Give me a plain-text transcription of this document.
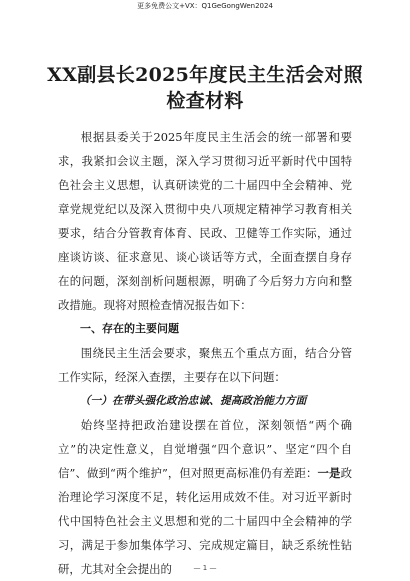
更多免费公文+VX：Q1GeGongWen2024
XX副县长2025年度民主生活会对照检查材料

根据县委关于2025年度民主生活会的统一部署和要求，我紧扣会议主题，深入学习贯彻习近平新时代中国特色社会主义思想，认真研读党的二十届四中全会精神、党章党规党纪以及深入贯彻中央八项规定精神学习教育相关要求，结合分管教育体育、民政、卫健等工作实际，通过座谈访谈、征求意见、谈心谈话等方式，全面查摆自身存在的问题，深刻剖析问题根源，明确了今后努力方向和整改措施。现将对照检查情况报告如下：

一、存在的主要问题

围绕民主生活会要求，聚焦五个重点方面，结合分管工作实际，经深入查摆，主要存在以下问题：

（一）在带头强化政治忠诚、提高政治能力方面

始终坚持把政治建设摆在首位，深刻领悟“两个确立”的决定性意义，自觉增强“四个意识”、坚定“四个自信”、做到“两个维护”，但对照更高标准仍有差距：一是政治理论学习深度不足，转化运用成效不佳。对习近平新时代中国特色社会主义思想和党的二十届四中全会精神的学习，满足于参加集体学习、完成规定篇目，缺乏系统性钻研，尤其对全会提出的	— 1 —
